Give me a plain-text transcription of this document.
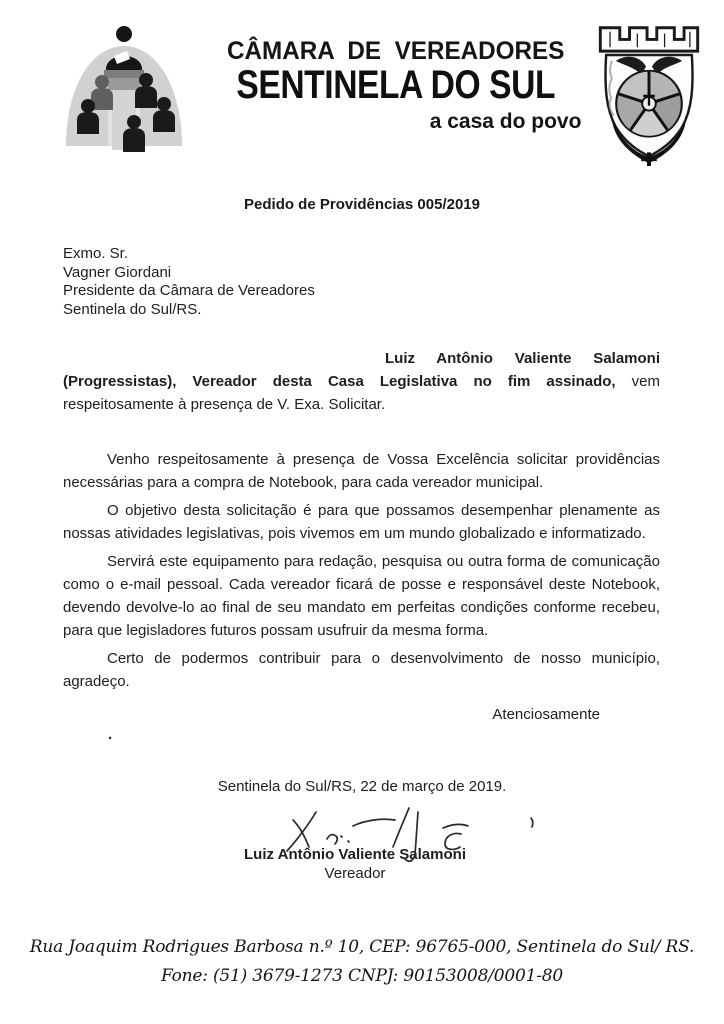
CÂMARA DE VEREADORES
SENTINELA DO SUL
a casa do povo
Pedido de Providências 005/2019
Exmo. Sr.
Vagner Giordani
Presidente da Câmara de Vereadores
Sentinela do Sul/RS.
Luiz Antônio Valiente Salamoni
(Progressistas), Vereador desta Casa Legislativa no fim assinado, vem
respeitosamente à presença de V. Exa. Solicitar.

Venho respeitosamente à presença de Vossa Excelência solicitar providências necessárias para a compra de Notebook, para cada vereador municipal.

O objetivo desta solicitação é para que possamos desempenhar plenamente as nossas atividades legislativas, pois vivemos em um mundo globalizado e informatizado.

Servirá este equipamento para redação, pesquisa ou outra forma de comunicação como o e-mail pessoal. Cada vereador ficará de posse e responsável deste Notebook, devendo devolve-lo ao final de seu mandato em perfeitas condições conforme recebeu, para que legisladores futuros possam usufruir da mesma forma.

Certo de podermos contribuir para o desenvolvimento de nosso município, agradeço.

Atenciosamente
.
Sentinela do Sul/RS, 22 de março de 2019.
Luiz Antônio Valiente Salamoni
Vereador
Rua Joaquim Rodrigues Barbosa n.º 10, CEP: 96765-000, Sentinela do Sul/ RS.
Fone: (51) 3679-1273 CNPJ: 90153008/0001-80
